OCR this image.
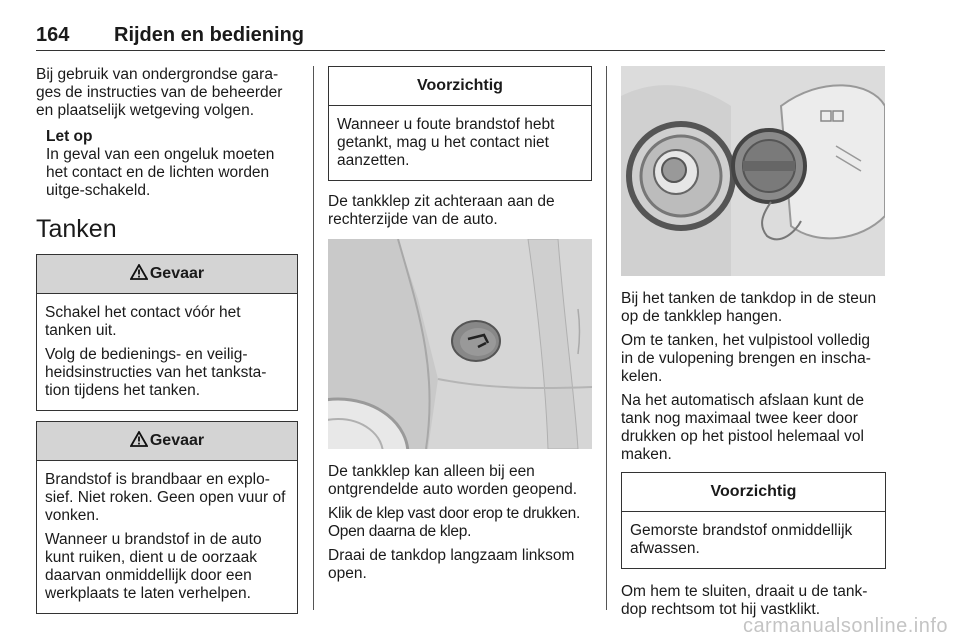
164 Rijden en bediening

Bij gebruik van ondergrondse gara-ges de instructies van de beheerder en plaatselijk wetgeving volgen.

Let op
In geval van een ongeluk moeten het contact en de lichten worden uitge-schakeld.
Tanken
Gevaar

Schakel het contact vóór het tanken uit.

Volg de bedienings- en veilig-heidsinstructies van het tanksta-tion tijdens het tanken.

Gevaar

Brandstof is brandbaar en explo-sief. Niet roken. Geen open vuur of vonken.

Wanneer u brandstof in de auto kunt ruiken, dient u de oorzaak daarvan onmiddellijk door een werkplaats te laten verhelpen.

Voorzichtig

Wanneer u foute brandstof hebt getankt, mag u het contact niet aanzetten.

De tankklep zit achteraan aan de rechterzijde van de auto.

De tankklep kan alleen bij een ontgrendelde auto worden geopend.

Klik de klep vast door erop te drukken. Open daarna de klep.

Draai de tankdop langzaam linksom open.

Bij het tanken de tankdop in de steun op de tankklep hangen.

Om te tanken, het vulpistool volledig in de vulopening brengen en inscha-kelen.

Na het automatisch afslaan kunt de tank nog maximaal twee keer door drukken op het pistool helemaal vol maken.

Voorzichtig

Gemorste brandstof onmiddellijk afwassen.

Om hem te sluiten, draait u de tank-dop rechtsom tot hij vastklikt.

carmanualsonline.info
